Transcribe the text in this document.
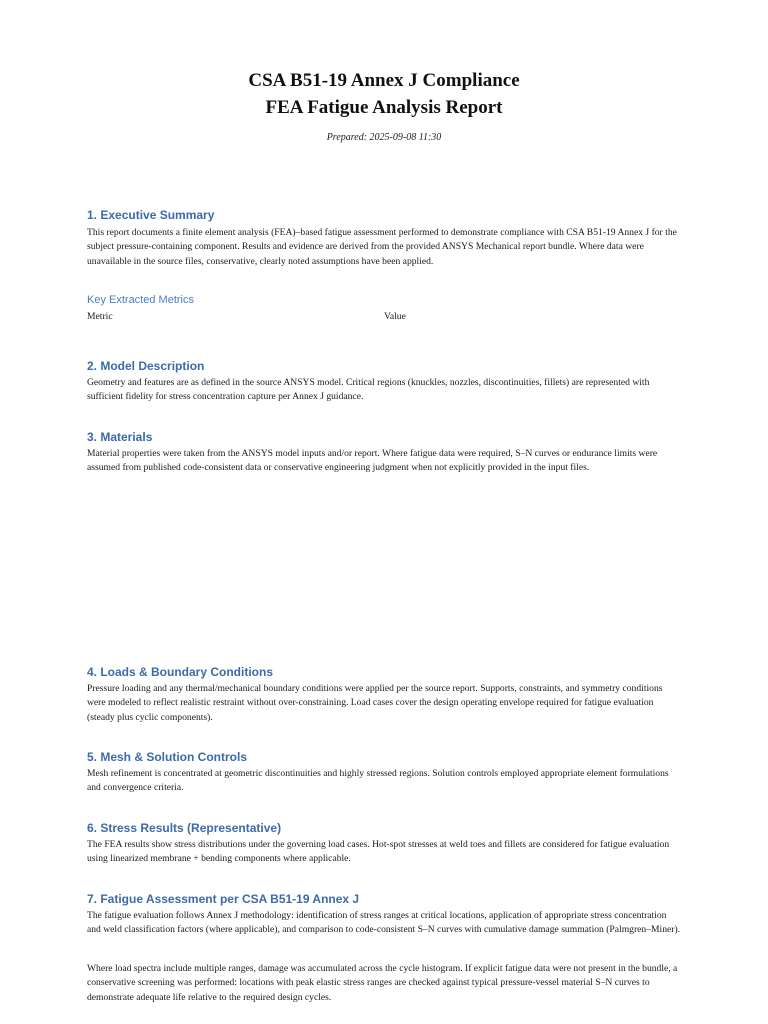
CSA B51-19 Annex J Compliance
FEA Fatigue Analysis Report
Prepared: 2025-09-08 11:30
1. Executive Summary

This report documents a finite element analysis (FEA)–based fatigue assessment performed to demonstrate compliance with CSA B51-19 Annex J for the subject pressure-containing component. Results and evidence are derived from the provided ANSYS Mechanical report bundle. Where data were unavailable in the source files, conservative, clearly noted assumptions have been applied.

Key Extracted Metrics
Metric	Value
2. Model Description

Geometry and features are as defined in the source ANSYS model. Critical regions (knuckles, nozzles, discontinuities, fillets) are represented with sufficient fidelity for stress concentration capture per Annex J guidance.

3. Materials

Material properties were taken from the ANSYS model inputs and/or report. Where fatigue data were required, S–N curves or endurance limits were assumed from published code-consistent data or conservative engineering judgment when not explicitly provided in the input files.

4. Loads & Boundary Conditions

Pressure loading and any thermal/mechanical boundary conditions were applied per the source report. Supports, constraints, and symmetry conditions were modeled to reflect realistic restraint without over-constraining. Load cases cover the design operating envelope required for fatigue evaluation (steady plus cyclic components).

5. Mesh & Solution Controls

Mesh refinement is concentrated at geometric discontinuities and highly stressed regions. Solution controls employed appropriate element formulations and convergence criteria.

6. Stress Results (Representative)

The FEA results show stress distributions under the governing load cases. Hot-spot stresses at weld toes and fillets are considered for fatigue evaluation using linearized membrane + bending components where applicable.

7. Fatigue Assessment per CSA B51-19 Annex J

The fatigue evaluation follows Annex J methodology: identification of stress ranges at critical locations, application of appropriate stress concentration and weld classification factors (where applicable), and comparison to code-consistent S–N curves with cumulative damage summation (Palmgren–Miner).

Where load spectra include multiple ranges, damage was accumulated across the cycle histogram. If explicit fatigue data were not present in the bundle, a conservative screening was performed: locations with peak elastic stress ranges are checked against typical pressure-vessel material S–N curves to demonstrate adequate life relative to the required design cycles.
